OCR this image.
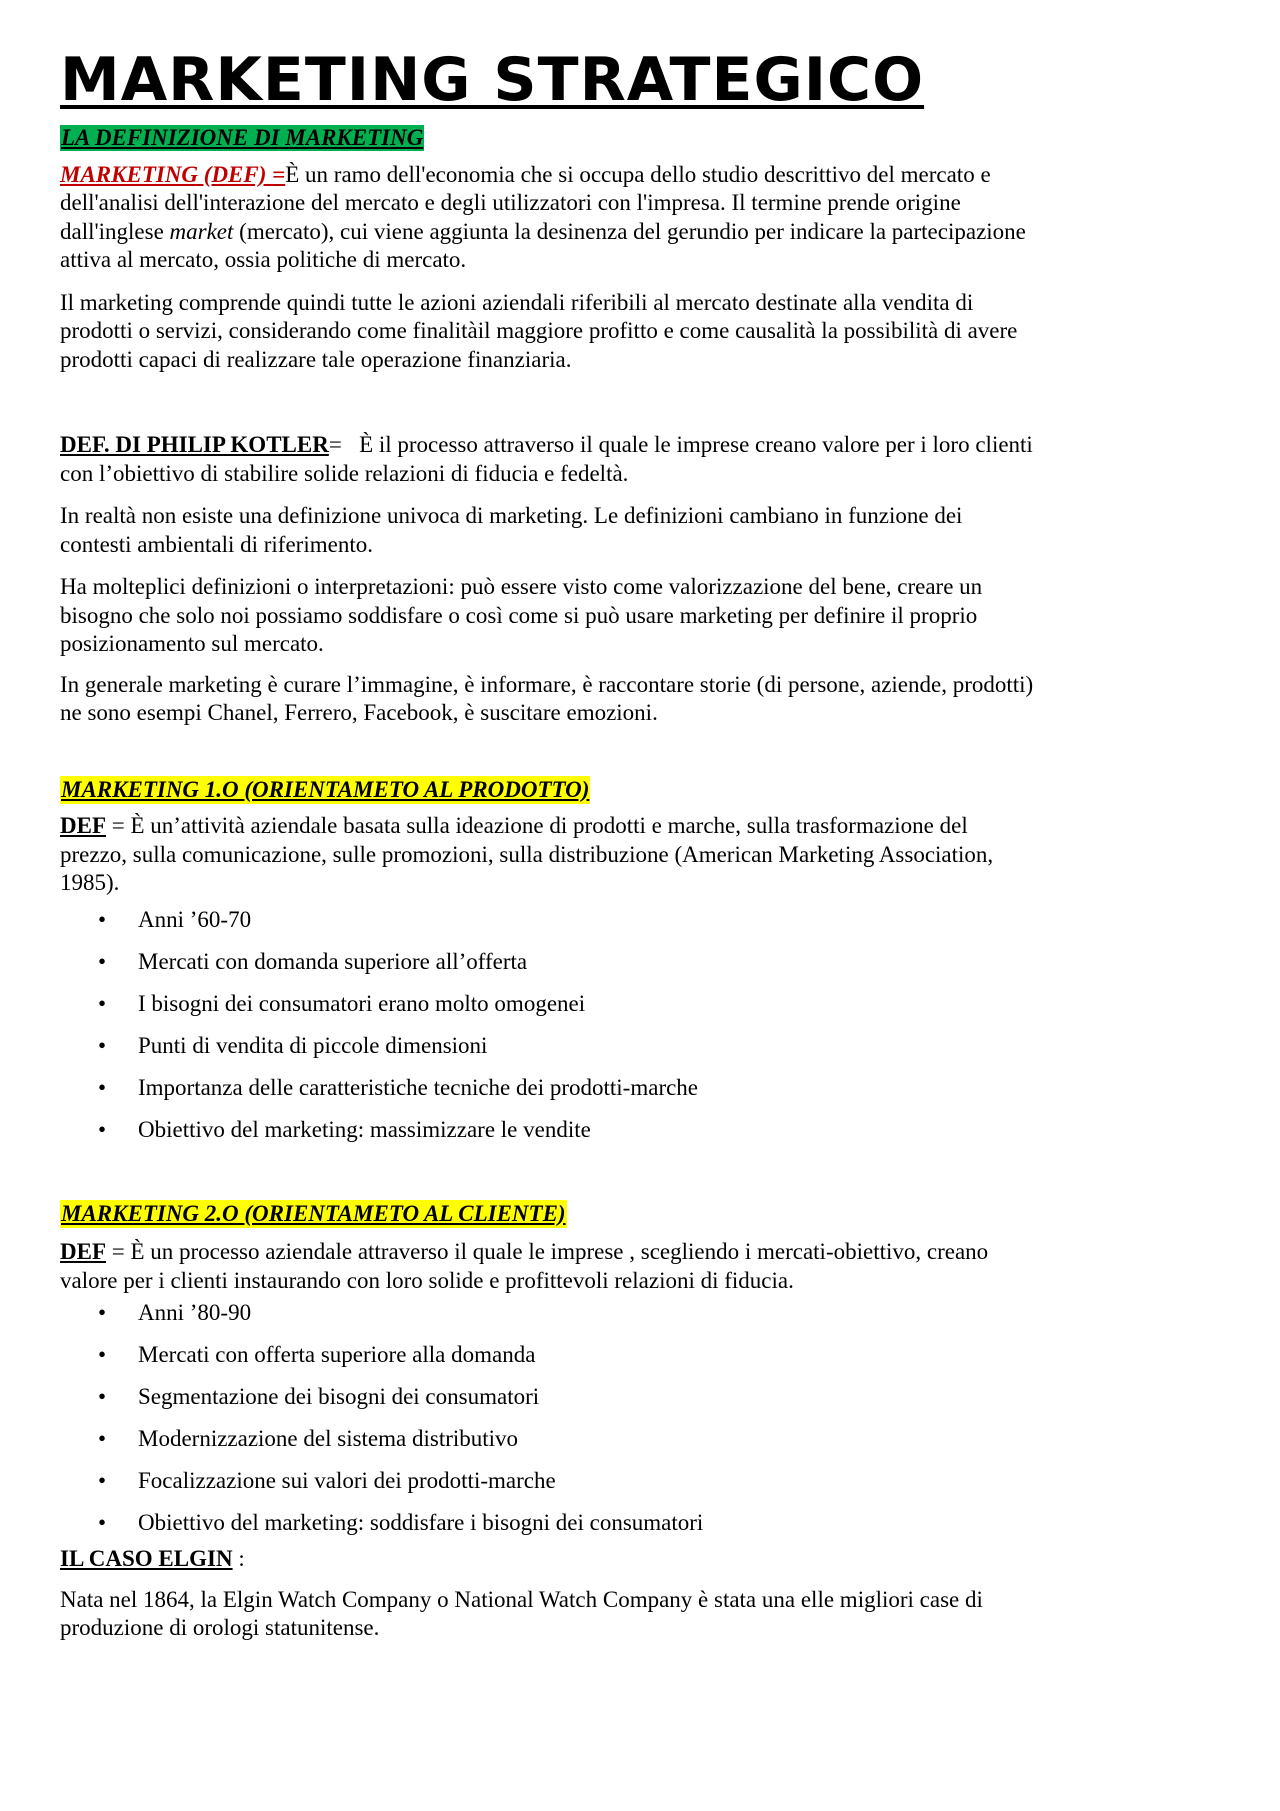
MARKETING STRATEGICO
LA DEFINIZIONE DI MARKETING

MARKETING (DEF) =È un ramo dell'economia che si occupa dello studio descrittivo del mercato e
dell'analisi dell'interazione del mercato e degli utilizzatori con l'impresa. Il termine prende origine
dall'inglese market (mercato), cui viene aggiunta la desinenza del gerundio per indicare la partecipazione
attiva al mercato, ossia politiche di mercato.

Il marketing comprende quindi tutte le azioni aziendali riferibili al mercato destinate alla vendita di
prodotti o servizi, considerando come finalitàil maggiore profitto e come causalità la possibilità di avere
prodotti capaci di realizzare tale operazione finanziaria.

DEF. DI PHILIP KOTLER= È il processo attraverso il quale le imprese creano valore per i loro clienti
con l’obiettivo di stabilire solide relazioni di fiducia e fedeltà.

In realtà non esiste una definizione univoca di marketing. Le definizioni cambiano in funzione dei
contesti ambientali di riferimento.

Ha molteplici definizioni o interpretazioni: può essere visto come valorizzazione del bene, creare un
bisogno che solo noi possiamo soddisfare o così come si può usare marketing per definire il proprio
posizionamento sul mercato.

In generale marketing è curare l’immagine, è informare, è raccontare storie (di persone, aziende, prodotti)
ne sono esempi Chanel, Ferrero, Facebook, è suscitare emozioni.

MARKETING 1.O (ORIENTAMETO AL PRODOTTO)

DEF = È un’attività aziendale basata sulla ideazione di prodotti e marche, sulla trasformazione del
prezzo, sulla comunicazione, sulle promozioni, sulla distribuzione (American Marketing Association,
1985).

• Anni ’60-70
• Mercati con domanda superiore all’offerta
• I bisogni dei consumatori erano molto omogenei
• Punti di vendita di piccole dimensioni
• Importanza delle caratteristiche tecniche dei prodotti-marche
• Obiettivo del marketing: massimizzare le vendite
MARKETING 2.O (ORIENTAMETO AL CLIENTE)

DEF = È un processo aziendale attraverso il quale le imprese , scegliendo i mercati-obiettivo, creano
valore per i clienti instaurando con loro solide e profittevoli relazioni di fiducia.

• Anni ’80-90
• Mercati con offerta superiore alla domanda
• Segmentazione dei bisogni dei consumatori
• Modernizzazione del sistema distributivo
• Focalizzazione sui valori dei prodotti-marche
• Obiettivo del marketing: soddisfare i bisogni dei consumatori

IL CASO ELGIN :

Nata nel 1864, la Elgin Watch Company o National Watch Company è stata una elle migliori case di
produzione di orologi statunitense.
